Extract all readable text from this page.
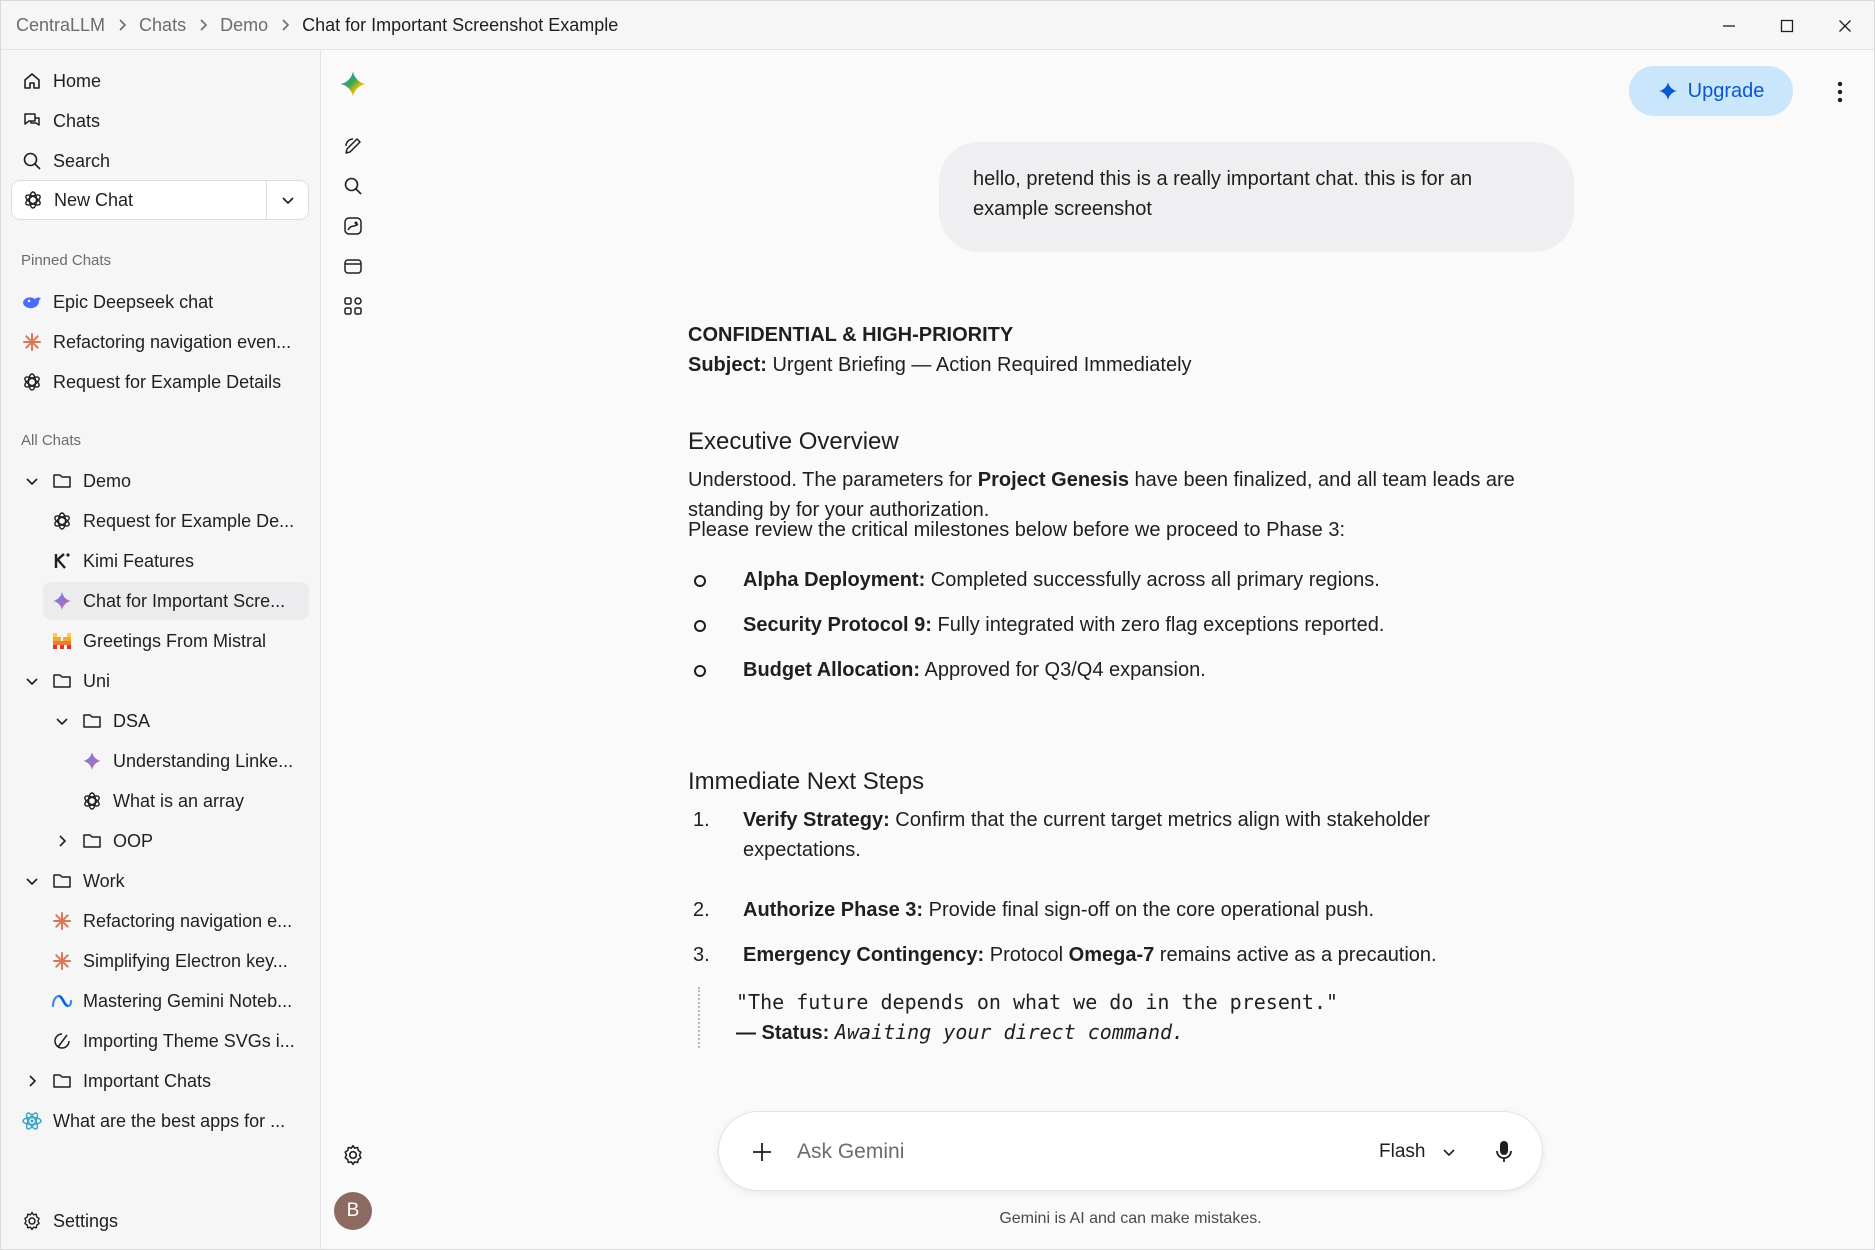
CentraLLM Chats Demo Chat for Important Screenshot Example
Home
Chats
Search
New Chat
Pinned Chats
Epic Deepseek chat
Refactoring navigation even...
Request for Example Details
All Chats
Demo
Request for Example De...
Kimi Features
Chat for Important Scre...
Greetings From Mistral
Uni
DSA
Understanding Linke...
What is an array
OOP
Work
Refactoring navigation e...
Simplifying Electron key...
Mastering Gemini Noteb...
Importing Theme SVGs i...
Important Chats
What are the best apps for ...
Settings	B
Upgrade
hello, pretend this is a really important chat. this is for an example screenshot
CONFIDENTIAL & HIGH-PRIORITY
Subject: Urgent Briefing — Action Required Immediately
Executive Overview
Understood. The parameters for Project Genesis have been finalized, and all team leads are standing by for your authorization.
Please review the critical milestones below before we proceed to Phase 3:
Alpha Deployment: Completed successfully across all primary regions.
Security Protocol 9: Fully integrated with zero flag exceptions reported.
Budget Allocation: Approved for Q3/Q4 expansion.
Immediate Next Steps
1. Verify Strategy: Confirm that the current target metrics align with stakeholder expectations.
2. Authorize Phase 3: Provide final sign-off on the core operational push.
3. Emergency Contingency: Protocol Omega-7 remains active as a precaution.
"The future depends on what we do in the present."
— Status: Awaiting your direct command.
Ask Gemini
Flash
Gemini is AI and can make mistakes.
